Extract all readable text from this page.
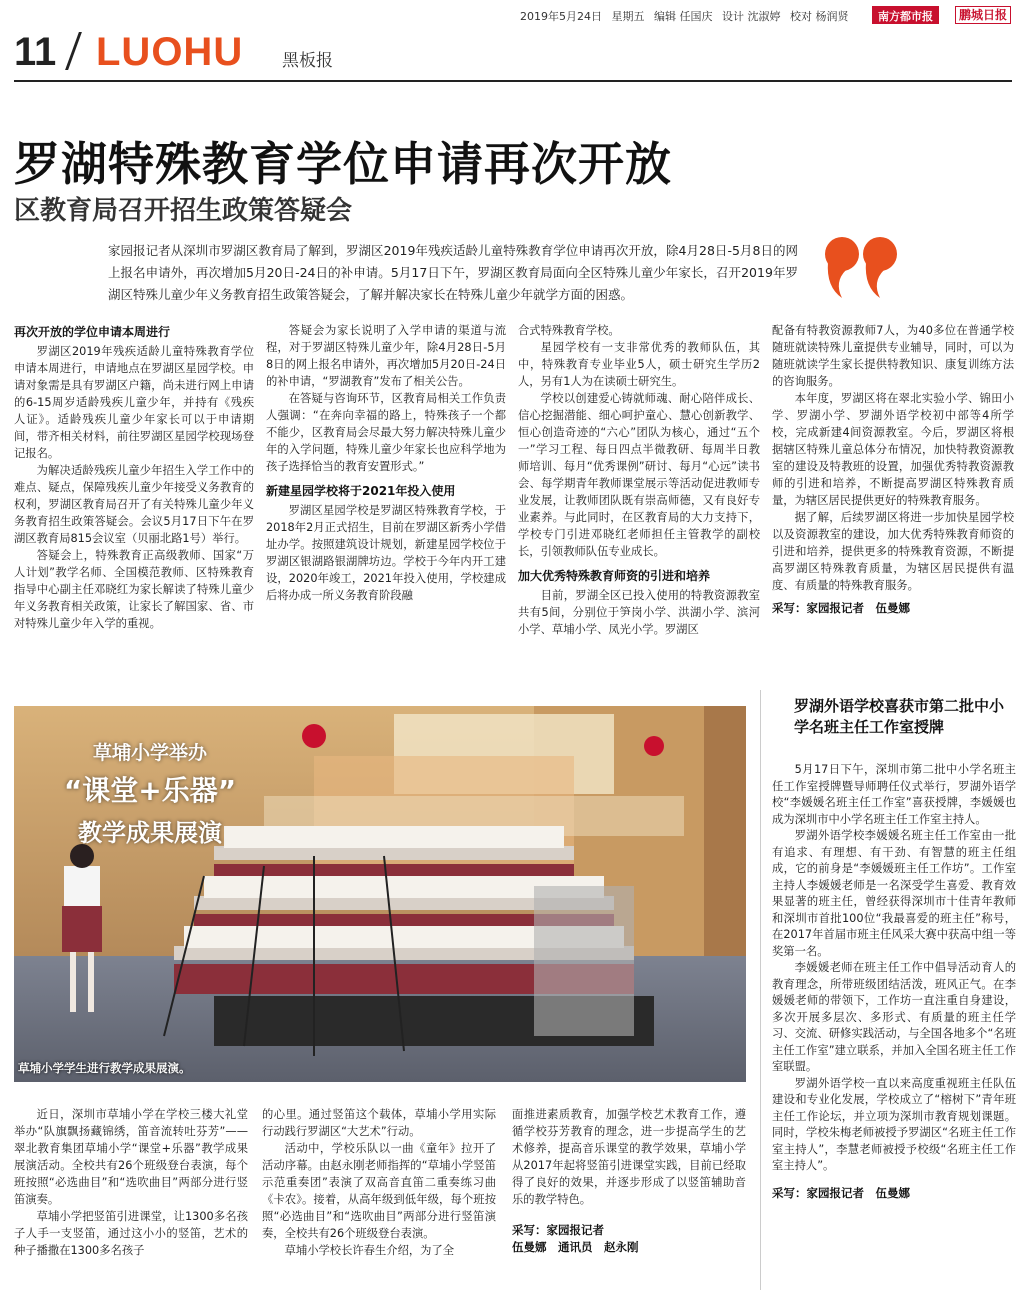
2019年5月24日 星期五 编辑 任国庆 设计 沈淑婷 校对 杨润贤	南方都市报	鹏城日报
11 LUOHU 黑板报
罗湖特殊教育学位申请再次开放
区教育局召开招生政策答疑会

家园报记者从深圳市罗湖区教育局了解到，罗湖区2019年残疾适龄儿童特殊教育学位申请再次开放，除4月28日-5月8日的网上报名申请外，再次增加5月20日-24日的补申请。5月17日下午，罗湖区教育局面向全区特殊儿童少年家长，召开2019年罗湖区特殊儿童少年义务教育招生政策答疑会，了解并解决家长在特殊儿童少年就学方面的困惑。

再次开放的学位申请本周进行

罗湖区2019年残疾适龄儿童特殊教育学位申请本周进行，申请地点在罗湖区星园学校。申请对象需是具有罗湖区户籍，尚未进行网上申请的6-15周岁适龄残疾儿童少年，并持有《残疾人证》。适龄残疾儿童少年家长可以于申请期间，带齐相关材料，前往罗湖区星园学校现场登记报名。

为解决适龄残疾儿童少年招生入学工作中的难点、疑点，保障残疾儿童少年接受义务教育的权利，罗湖区教育局召开了有关特殊儿童少年义务教育招生政策答疑会。会议5月17日下午在罗湖区教育局815会议室（贝丽北路1号）举行。

答疑会上，特殊教育正高级教师、国家“万人计划”教学名师、全国模范教师、区特殊教育指导中心副主任邓晓红为家长解读了特殊儿童少年义务教育相关政策，让家长了解国家、省、市对特殊儿童少年入学的重视。

答疑会为家长说明了入学申请的渠道与流程，对于罗湖区特殊儿童少年，除4月28日-5月8日的网上报名申请外，再次增加5月20日-24日的补申请，“罗湖教育”发布了相关公告。

在答疑与咨询环节，区教育局相关工作负责人强调：“在奔向幸福的路上，特殊孩子一个都不能少，区教育局会尽最大努力解决特殊儿童少年的入学问题，特殊儿童少年家长也应科学地为孩子选择恰当的教育安置形式。”

新建星园学校将于2021年投入使用

罗湖区星园学校是罗湖区特殊教育学校，于2018年2月正式招生，目前在罗湖区新秀小学借址办学。按照建筑设计规划，新建星园学校位于罗湖区银湖路银湖牌坊边。学校于今年内开工建设，2020年竣工，2021年投入使用，学校建成后将办成一所义务教育阶段融

合式特殊教育学校。

星园学校有一支非常优秀的教师队伍，其中，特殊教育专业毕业5人，硕士研究生学历2人，另有1人为在读硕士研究生。

学校以创建爱心铸就师魂、耐心陪伴成长、信心挖掘潜能、细心呵护童心、慧心创新教学、恒心创造奇迹的“六心”团队为核心，通过“五个一”学习工程、每日四点半微教研、每周半日教师培训、每月“优秀课例”研讨、每月“心远”读书会、每学期青年教师课堂展示等活动促进教师专业发展，让教师团队既有崇高师德，又有良好专业素养。与此同时，在区教育局的大力支持下，学校专门引进邓晓红老师担任主管教学的副校长，引领教师队伍专业成长。

加大优秀特殊教育师资的引进和培养

目前，罗湖全区已投入使用的特教资源教室共有5间，分别位于笋岗小学、洪湖小学、滨河小学、草埔小学、凤光小学。罗湖区

配备有特教资源教师7人，为40多位在普通学校随班就读特殊儿童提供专业辅导，同时，可以为随班就读学生家长提供特教知识、康复训练方法的咨询服务。

本年度，罗湖区将在翠北实验小学、锦田小学、罗湖小学、罗湖外语学校初中部等4所学校，完成新建4间资源教室。今后，罗湖区将根据辖区特殊儿童总体分布情况，加快特教资源教室的建设及特教班的设置，加强优秀特教资源教师的引进和培养，不断提高罗湖区特殊教育质量，为辖区居民提供更好的特殊教育服务。

据了解，后续罗湖区将进一步加快星园学校以及资源教室的建设，加大优秀特殊教育师资的引进和培养，提供更多的特殊教育资源，不断提高罗湖区特殊教育质量，为辖区居民提供有温度、有质量的特殊教育服务。

采写：家园报记者　伍曼娜

草埔小学举办
“课堂+乐器”
教学成果展演
草埔小学学生进行教学成果展演。
罗湖外语学校喜获市第二批中小学名班主任工作室授牌

5月17日下午，深圳市第二批中小学名班主任工作室授牌暨导师聘任仪式举行，罗湖外语学校“李媛媛名班主任工作室”喜获授牌，李媛媛也成为深圳市中小学名班主任工作室主持人。

罗湖外语学校李媛媛名班主任工作室由一批有追求、有理想、有干劲、有智慧的班主任组成，它的前身是“李媛媛班主任工作坊”。工作室主持人李媛媛老师是一名深受学生喜爱、教育效果显著的班主任，曾经获得深圳市十佳青年教师和深圳市首批100位“我最喜爱的班主任”称号，在2017年首届市班主任风采大赛中获高中组一等奖第一名。

李媛媛老师在班主任工作中倡导活动育人的教育理念，所带班级团结活泼，班风正气。在李媛媛老师的带领下，工作坊一直注重自身建设，多次开展多层次、多形式、有质量的班主任学习、交流、研修实践活动，与全国各地多个“名班主任工作室”建立联系，并加入全国名班主任工作室联盟。

罗湖外语学校一直以来高度重视班主任队伍建设和专业化发展，学校成立了“榕树下”青年班主任工作论坛，并立项为深圳市教育规划课题。同时，学校朱梅老师被授予罗湖区“名班主任工作室主持人”，李慧老师被授予校级“名班主任工作室主持人”。

采写：家园报记者　伍曼娜

近日，深圳市草埔小学在学校三楼大礼堂举办“队旗飘扬藏锦绣，笛音流转吐芬芳”——翠北教育集团草埔小学“课堂+乐器”教学成果展演活动。全校共有26个班级登台表演，每个班按照“必选曲目”和“选吹曲目”两部分进行竖笛演奏。

草埔小学把竖笛引进课堂，让1300多名孩子人手一支竖笛，通过这小小的竖笛，艺术的种子播撒在1300多名孩子

的心里。通过竖笛这个载体，草埔小学用实际行动践行罗湖区“大艺术”行动。

活动中，学校乐队以一曲《童年》拉开了活动序幕。由赵永刚老师指挥的“草埔小学竖笛示范重奏团”表演了双高音直笛二重奏练习曲《卡农》。接着，从高年级到低年级，每个班按照“必选曲目”和“选吹曲目”两部分进行竖笛演奏，全校共有26个班级登台表演。

草埔小学校长许春生介绍，为了全

面推进素质教育，加强学校艺术教育工作，遵循学校芬芳教育的理念，进一步提高学生的艺术修养，提高音乐课堂的教学效果，草埔小学从2017年起将竖笛引进课堂实践，目前已经取得了良好的效果，并逐步形成了以竖笛辅助音乐的教学特色。

采写：家园报记者

伍曼娜　通讯员　赵永刚
